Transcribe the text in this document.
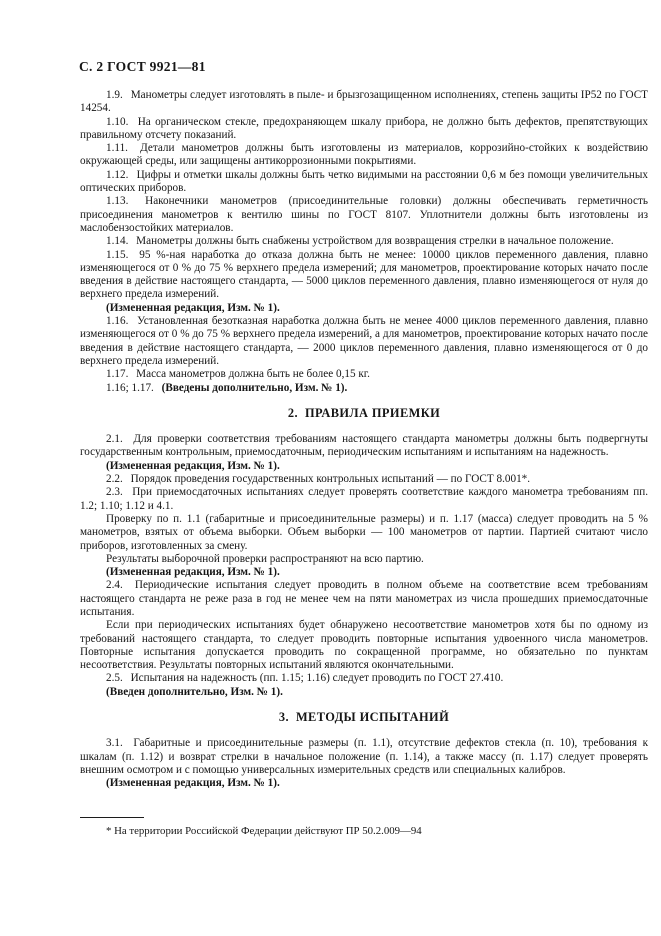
С. 2 ГОСТ 9921—81

1.9. Манометры следует изготовлять в пыле- и брызгозащищенном исполнениях, степень защиты IP52 по ГОСТ 14254.

1.10. На органическом стекле, предохраняющем шкалу прибора, не должно быть дефектов, препятствующих правильному отсчету показаний.

1.11. Детали манометров должны быть изготовлены из материалов, коррозийно-стойких к воздействию окружающей среды, или защищены антикоррозионными покрытиями.

1.12. Цифры и отметки шкалы должны быть четко видимыми на расстоянии 0,6 м без помощи увеличительных оптических приборов.

1.13. Наконечники манометров (присоединительные головки) должны обеспечивать герметичность присоединения манометров к вентилю шины по ГОСТ 8107. Уплотнители должны быть изготовлены из маслобензостойких материалов.

1.14. Манометры должны быть снабжены устройством для возвращения стрелки в начальное положение.

1.15. 95 %-ная наработка до отказа должна быть не менее: 10000 циклов переменного давления, плавно изменяющегося от 0 % до 75 % верхнего предела измерений; для манометров, проектирование которых начато после введения в действие настоящего стандарта, — 5000 циклов переменного давления, плавно изменяющегося от нуля до верхнего предела измерений.

(Измененная редакция, Изм. № 1).

1.16. Установленная безотказная наработка должна быть не менее 4000 циклов переменного давления, плавно изменяющегося от 0 % до 75 % верхнего предела измерений, а для манометров, проектирование которых начато после введения в действие настоящего стандарта, — 2000 циклов переменного давления, плавно изменяющегося от 0 до верхнего предела измерений.

1.17. Масса манометров должна быть не более 0,15 кг.

1.16; 1.17. (Введены дополнительно, Изм. № 1).

2.  ПРАВИЛА ПРИЕМКИ

2.1. Для проверки соответствия требованиям настоящего стандарта манометры должны быть подвергнуты государственным контрольным, приемосдаточным, периодическим испытаниям и испытаниям на надежность.

(Измененная редакция, Изм. № 1).

2.2. Порядок проведения государственных контрольных испытаний — по ГОСТ 8.001*.

2.3. При приемосдаточных испытаниях следует проверять соответствие каждого манометра требованиям пп. 1.2; 1.10; 1.12 и 4.1.

Проверку по п. 1.1 (габаритные и присоединительные размеры) и п. 1.17 (масса) следует проводить на 5 % манометров, взятых от объема выборки. Объем выборки — 100 манометров от партии. Партией считают число приборов, изготовленных за смену.

Результаты выборочной проверки распространяют на всю партию.

(Измененная редакция, Изм. № 1).

2.4. Периодические испытания следует проводить в полном объеме на соответствие всем требованиям настоящего стандарта не реже раза в год не менее чем на пяти манометрах из числа прошедших приемосдаточные испытания.

Если при периодических испытаниях будет обнаружено несоответствие манометров хотя бы по одному из требований настоящего стандарта, то следует проводить повторные испытания удвоенного числа манометров. Повторные испытания допускается проводить по сокращенной программе, но обязательно по пунктам несоответствия. Результаты повторных испытаний являются окончательными.

2.5. Испытания на надежность (пп. 1.15; 1.16) следует проводить по ГОСТ 27.410.

(Введен дополнительно, Изм. № 1).

3.  МЕТОДЫ ИСПЫТАНИЙ

3.1. Габаритные и присоединительные размеры (п. 1.1), отсутствие дефектов стекла (п. 10), требования к шкалам (п. 1.12) и возврат стрелки в начальное положение (п. 1.14), а также массу (п. 1.17) следует проверять внешним осмотром и с помощью универсальных измерительных средств или специальных калибров.

(Измененная редакция, Изм. № 1).

* На территории Российской Федерации действуют ПР 50.2.009—94
